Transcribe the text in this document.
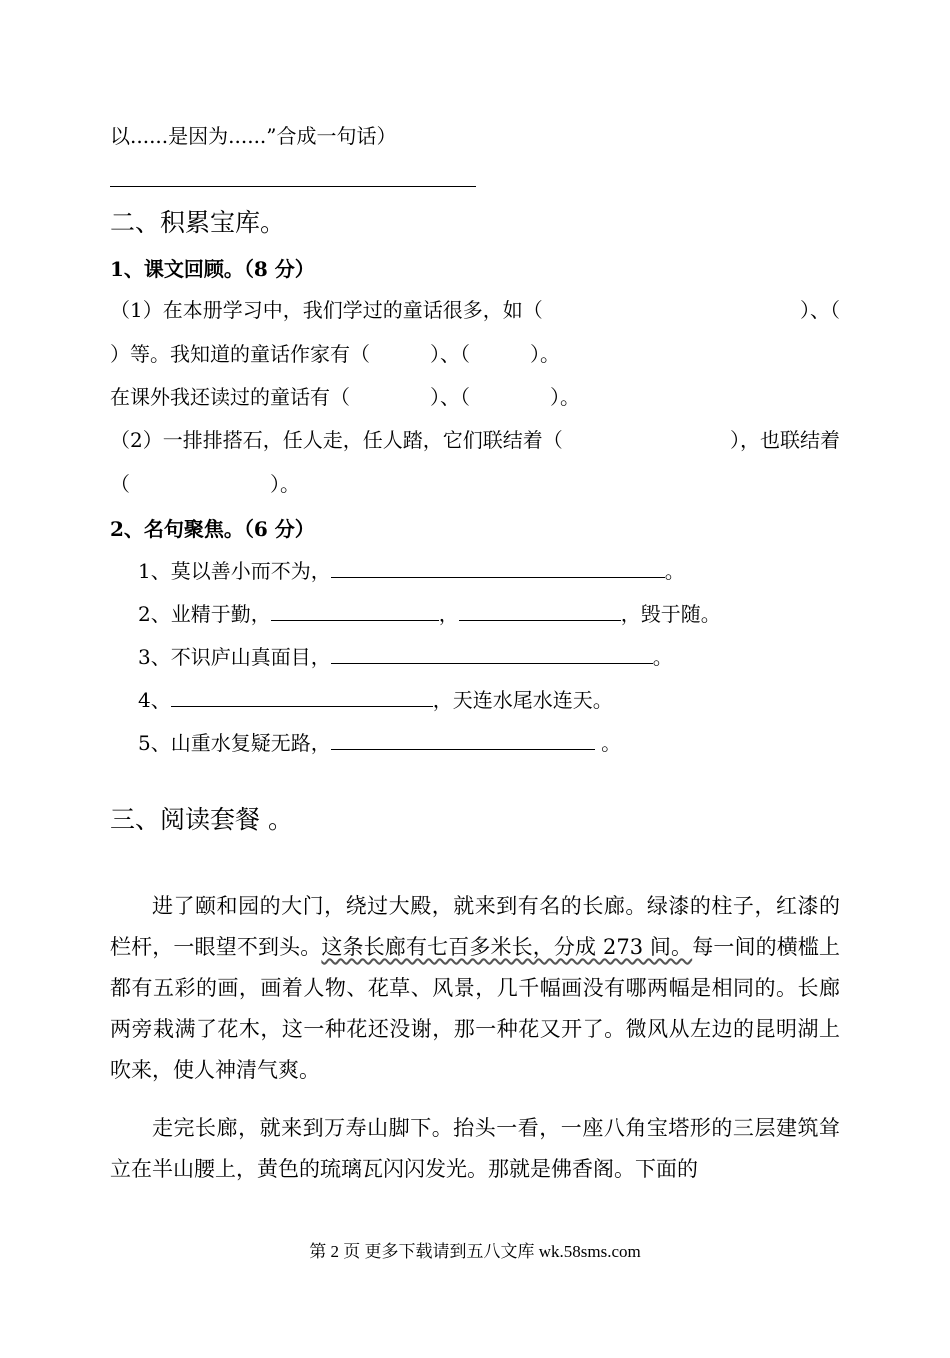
以......是因为......”合成一句话）
二、积累宝库。
1、课文回顾。（8 分）
（1）在本册学习中，我们学过的童话很多，如（	）、（
）等。我知道的童话作家有（　　　）、（　　　）。
在课外我还读过的童话有（　　　　）、（　　　　）。
（2）一排排搭石，任人走，任人踏，它们联结着（	），也联结着
（　　　　　　　）。
2、名句聚焦。（6 分）
1、莫以善小而不为，	。
2、业精于勤，	，	，毁于随。
3、不识庐山真面目，	。
4、	，天连水尾水连天。
5、山重水复疑无路，	。
三、阅读套餐 。
进了颐和园的大门，绕过大殿，就来到有名的长廊。绿漆的柱子，红漆的栏杆，一眼望不到头。这条长廊有七百多米长，分成 273 间。每一间的横槛上都有五彩的画，画着人物、花草、风景，几千幅画没有哪两幅是相同的。长廊两旁栽满了花木，这一种花还没谢，那一种花又开了。微风从左边的昆明湖上吹来，使人神清气爽。
走完长廊，就来到万寿山脚下。抬头一看，一座八角宝塔形的三层建筑耸立在半山腰上，黄色的琉璃瓦闪闪发光。那就是佛香阁。下面的
第 2 页 更多下载请到五八文库 wk.58sms.com
